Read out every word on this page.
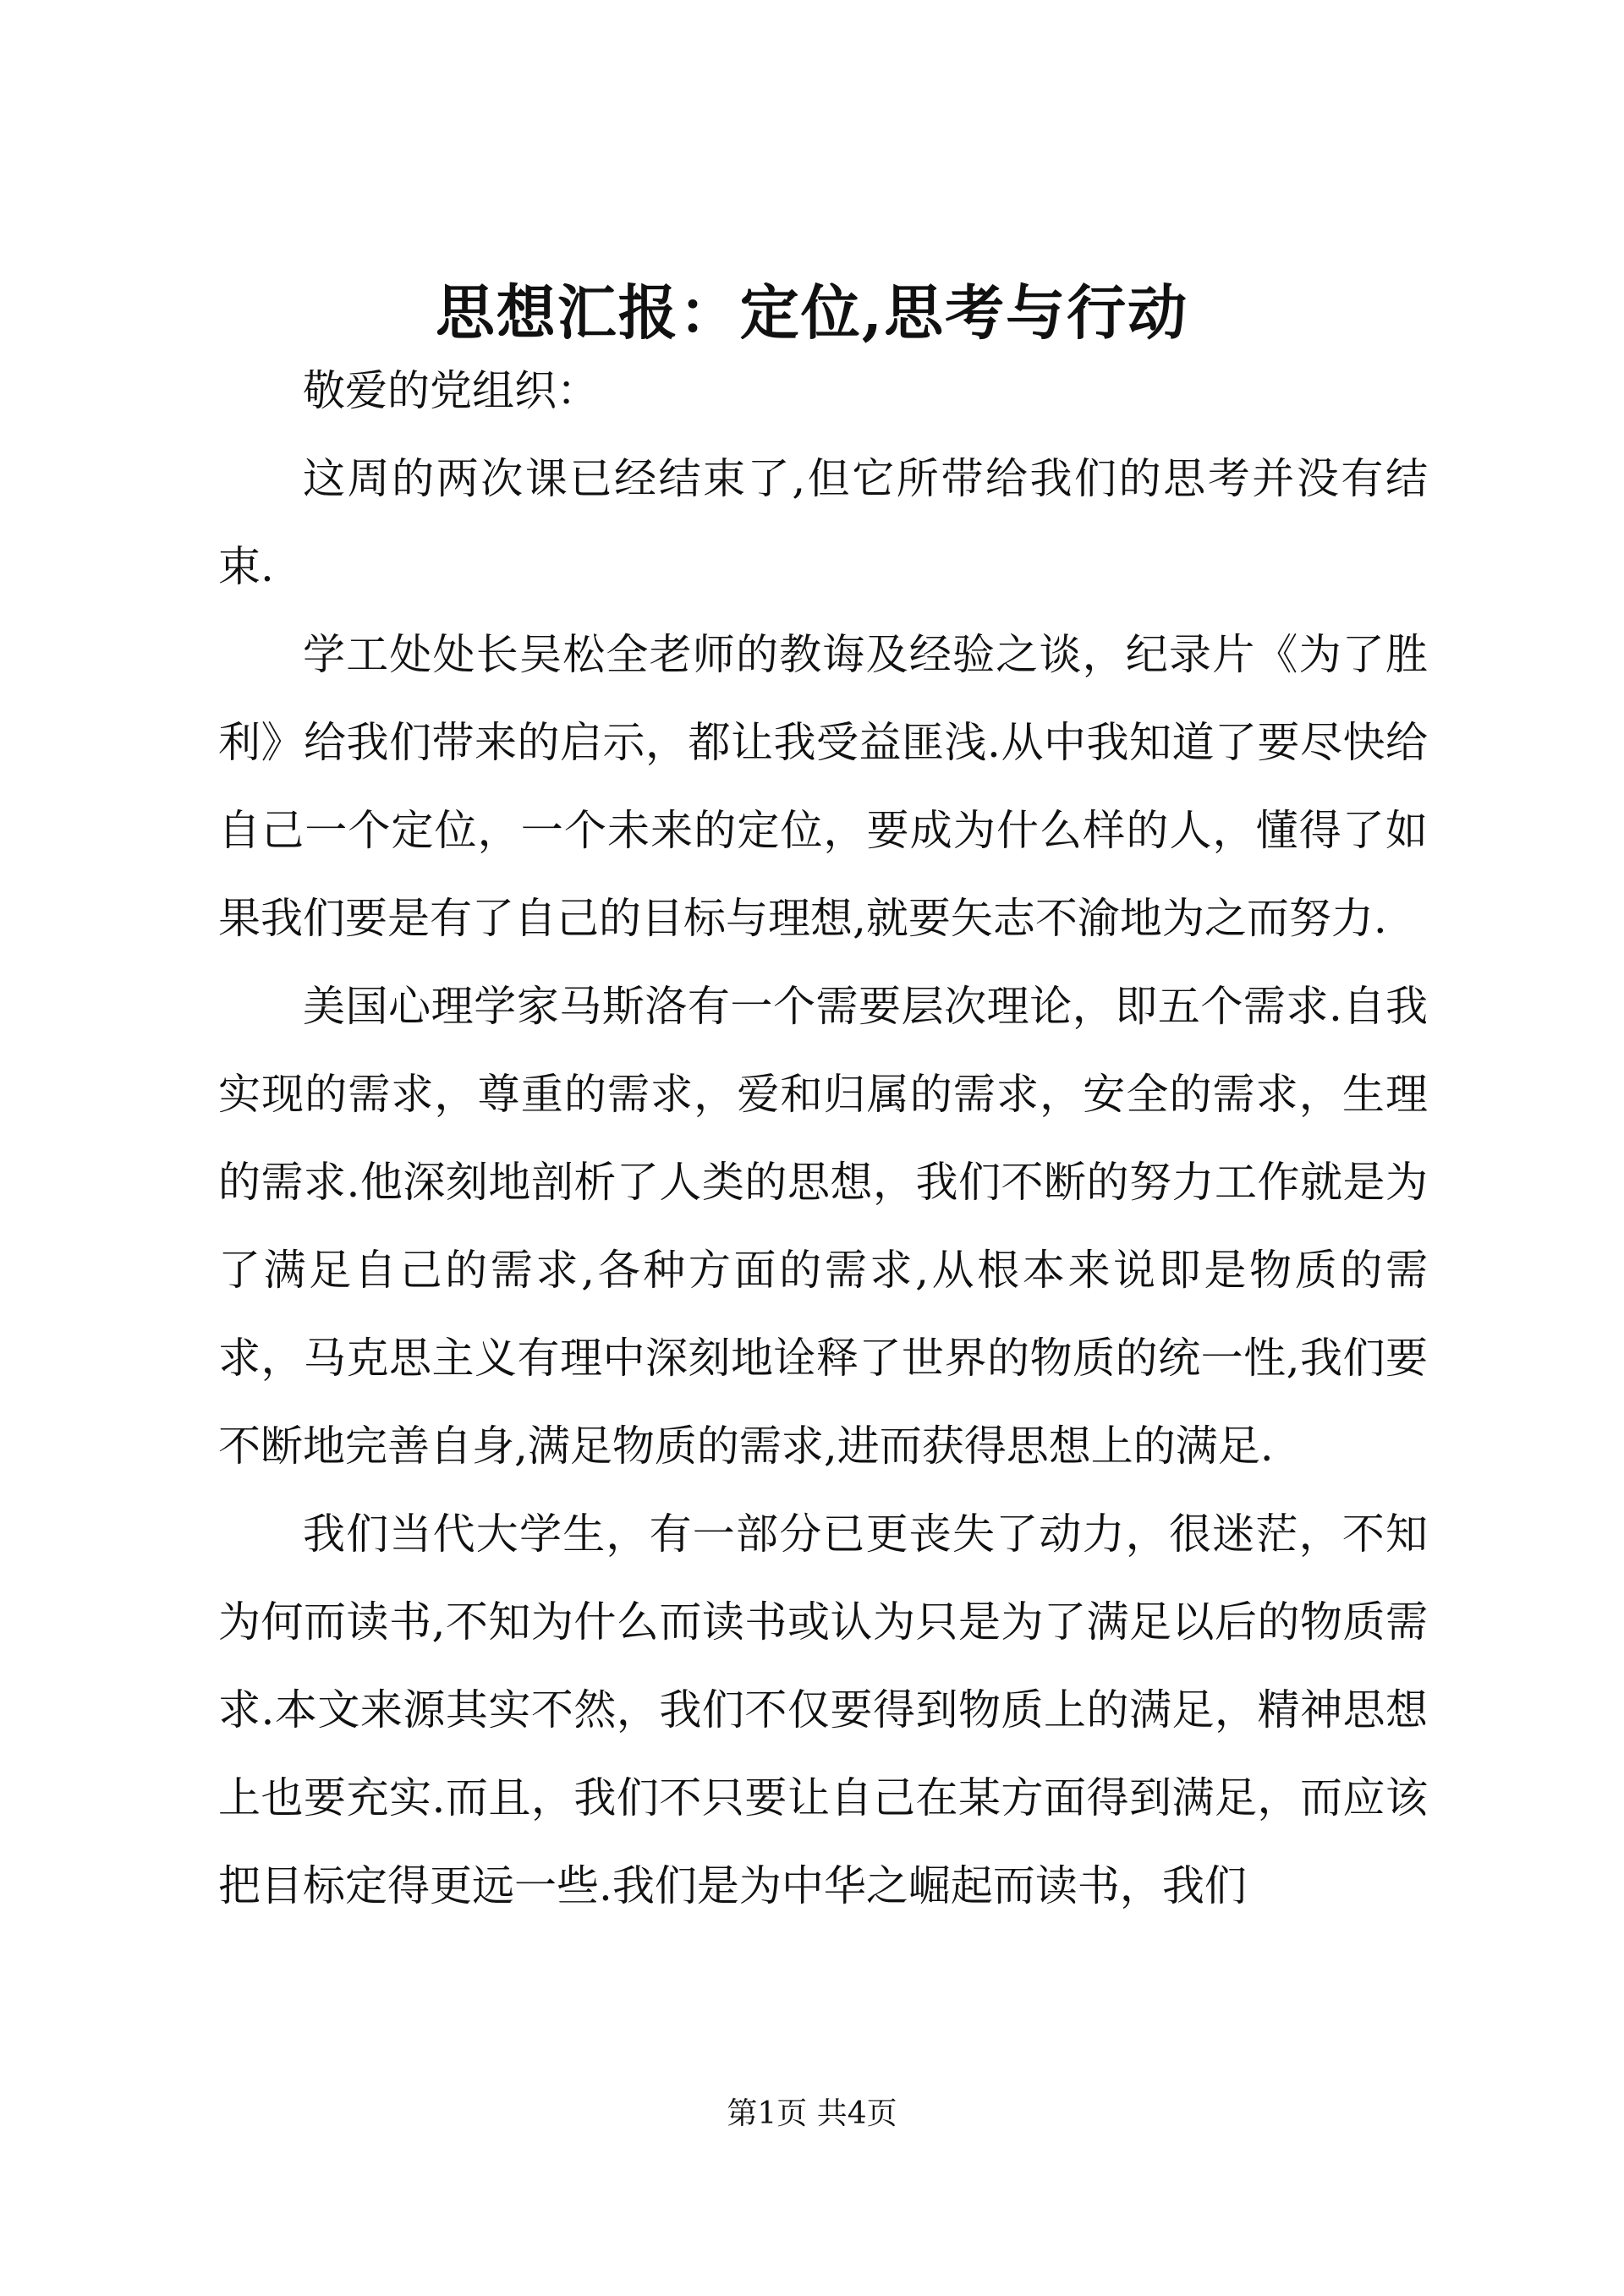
思想汇报：定位,思考与行动

敬爱的党组织：

这周的两次课已经结束了,但它所带给我们的思考并没有结束.

学工处处长吴松全老师的教诲及经验之谈，纪录片《为了胜利》给我们带来的启示，都让我受益匪浅.从中我知道了要尽快给自己一个定位，一个未来的定位，要成为什么样的人，懂得了如果我们要是有了自己的目标与理想,就要矢志不渝地为之而努力.

美国心理学家马斯洛有一个需要层次理论，即五个需求.自我实现的需求，尊重的需求，爱和归属的需求，安全的需求，生理的需求.他深刻地剖析了人类的思想，我们不断的努力工作就是为了满足自己的需求,各种方面的需求,从根本来说即是物质的需求，马克思主义有理中深刻地诠释了世界的物质的统一性,我们要不断地完善自身,满足物质的需求,进而获得思想上的满足.

我们当代大学生，有一部分已更丧失了动力，很迷茫，不知为何而读书,不知为什么而读书或认为只是为了满足以后的物质需求.本文来源其实不然，我们不仅要得到物质上的满足，精神思想上也要充实.而且，我们不只要让自己在某方面得到满足，而应该把目标定得更远一些.我们是为中华之崛起而读书，我们

第1页 共4页
